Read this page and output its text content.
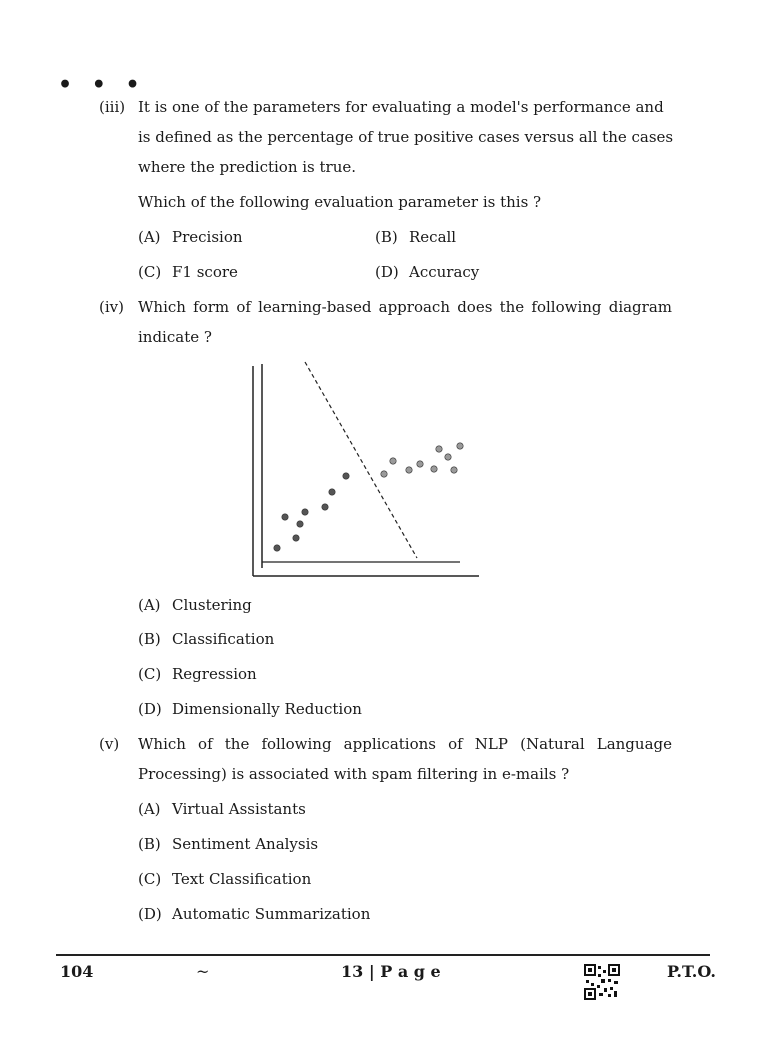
• • •
(iii) It is one of the parameters for evaluating a model's performance and
is defined as the percentage of true positive cases versus all the cases
where the prediction is true.
Which of the following evaluation parameter is this ?
(A) Precision	(B) Recall
(C) F1 score	(D) Accuracy
(iv) Which form of learning-based approach does the following diagram
indicate ?
(A) Clustering
(B) Classification
(C) Regression
(D) Dimensionally Reduction
(v) Which of the following applications of NLP (Natural Language
Processing) is associated with spam filtering in e-mails ?
(A) Virtual Assistants
(B) Sentiment Analysis
(C) Text Classification
(D) Automatic Summarization
104	~	13 | P a g e	P.T.O.
